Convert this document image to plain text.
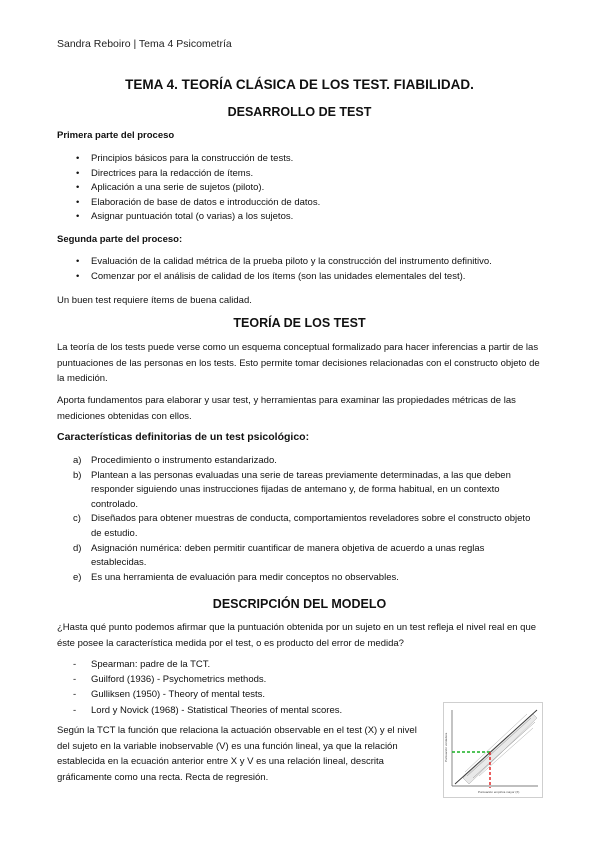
Sandra Reboiro | Tema 4 Psicometría
TEMA 4. TEORÍA CLÁSICA DE LOS TEST. FIABILIDAD.
DESARROLLO DE TEST
Primera parte del proceso
• Principios básicos para la construcción de tests.
• Directrices para la redacción de ítems.
• Aplicación a una serie de sujetos (piloto).
• Elaboración de base de datos e introducción de datos.
• Asignar puntuación total (o varias) a los sujetos.
Segunda parte del proceso:
• Evaluación de la calidad métrica de la prueba piloto y la construcción del instrumento definitivo.
• Comenzar por el análisis de calidad de los ítems (son las unidades elementales del test).
Un buen test requiere ítems de buena calidad.
TEORÍA DE LOS TEST
La teoría de los tests puede verse como un esquema conceptual formalizado para hacer inferencias a partir de las puntuaciones de las personas en los tests. Esto permite tomar decisiones relacionadas con el constructo objeto de la medición.
Aporta fundamentos para elaborar y usar test, y herramientas para examinar las propiedades métricas de las mediciones obtenidas con ellos.
Características definitorias de un test psicológico:
a) Procedimiento o instrumento estandarizado.
b) Plantean a las personas evaluadas una serie de tareas previamente determinadas, a las que deben responder siguiendo unas instrucciones fijadas de antemano y, de forma habitual, en un contexto controlado.
c) Diseñados para obtener muestras de conducta, comportamientos reveladores sobre el constructo objeto de estudio.
d) Asignación numérica: deben permitir cuantificar de manera objetiva de acuerdo a unas reglas establecidas.
e) Es una herramienta de evaluación para medir conceptos no observables.
DESCRIPCIÓN DEL MODELO
¿Hasta qué punto podemos afirmar que la puntuación obtenida por un sujeto en un test refleja el nivel real en que éste posee la característica medida por el test, o es producto del error de medida?
- Spearman: padre de la TCT.
- Guilford (1936) - Psychometrics methods.
- Gulliksen (1950) - Theory of mental tests.
- Lord y Novick (1968) - Statistical Theories of mental scores.
Según la TCT la función que relaciona la actuación observable en el test (X) y el nivel del sujeto en la variable inobservable (V) es una función lineal, ya que la relación establecida en la ecuación anterior entre X y V es una relación lineal, descrita gráficamente como una recta. Recta de regresión.
Puntuación verdadera
Puntuación empírica mayor (X)
